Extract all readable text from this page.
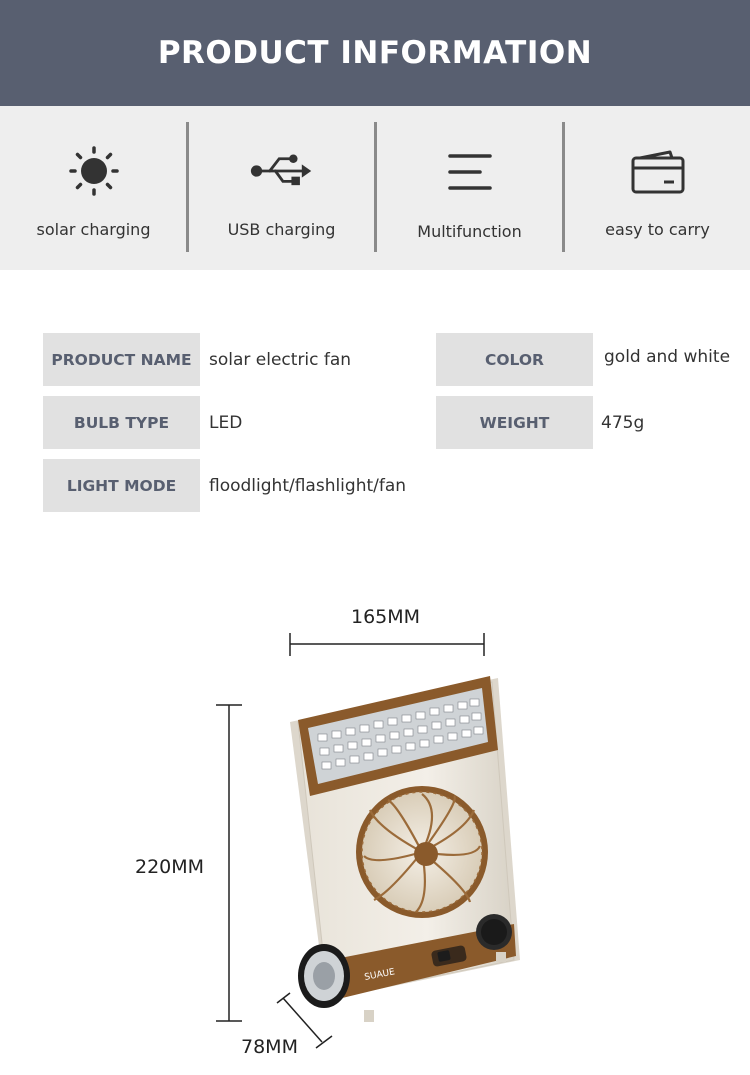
PRODUCT INFORMATION
solar charging	USB charging	Multifunction	easy to carry
PRODUCT NAME	solar electric fan	COLOR	gold and white
BULB TYPE	LED	WEIGHT	475g
LIGHT MODE	floodlight/flashlight/fan
165MM
220MM
78MM
SUAUE
